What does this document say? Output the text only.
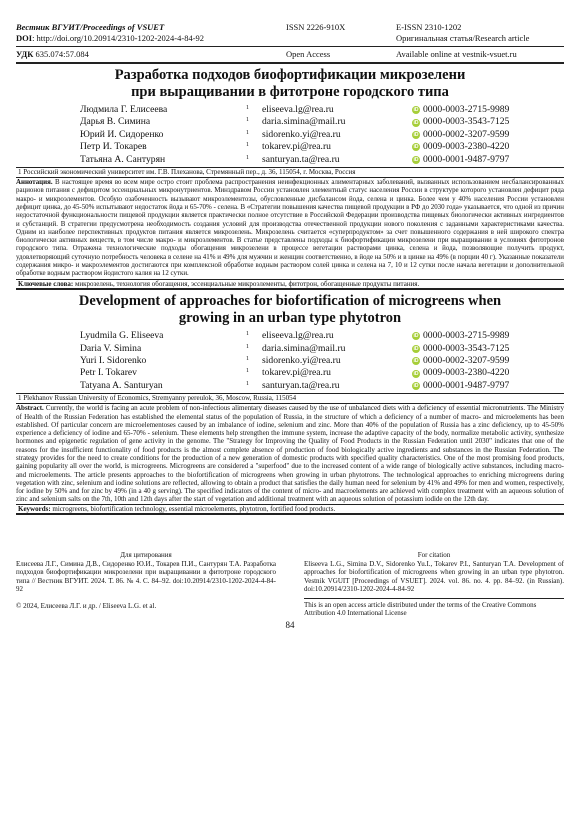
Вестник ВГУИТ/Proceedings of VSUET	ISSN 2226-910X	E-ISSN 2310-1202
DOI: http://doi.org/10.20914/2310-1202-2024-4-84-92	Оригинальная статья/Research article
УДК 635.074:57.084	Open Access	Available online at vestnik-vsuet.ru
Разработка подходов биофортификации микрозелени
при выращивании в фитотроне городского типа
Людмила Г. Елисеева	1	eliseeva.lg@rea.ru	iD 0000-0003-2715-9989
Дарья В. Симина	1	daria.simina@mail.ru	iD 0000-0003-3543-7125
Юрий И. Сидоренко	1	sidorenko.yi@rea.ru	iD 0000-0002-3207-9599
Петр И. Токарев	1	tokarev.pi@rea.ru	iD 0009-0003-2380-4220
Татьяна А. Сантурян	1	santuryan.ta@rea.ru	iD 0000-0001-9487-9797
1 Российский экономический университет им. Г.В. Плеханова, Стремянный пер., д. 36, 115054, г. Москва, Россия
Аннотация. В настоящее время во всем мире остро стоит проблема распространения неинфекционных алиментарных заболеваний, вызванных использованием несбалансированных рационов питания с дефицитом эссенциальных микронутриентов. Минздравом России установлен элементный статус населения России в структуре которого установлен дефицит ряда макро- и микроэлементов. Особую озабоченность вызывают микроэлементозы, обусловленные дисбалансом йода, селена и цинка. Более чем у 40% населения России установлен дефицит цинка, до 45-50% испытывают недостаток йода и 65-70% - селена. В «Стратегии повышения качества пищевой продукции в РФ до 2030 года» указывается, что одной из причин недостаточной функциональности пищевой продукции является практически полное отсутствие в Российской Федерации производства пищевых биологически активных ингредиентов и субстанций. В стратегии предусмотрена необходимость создания условий для производства отечественной продукции нового поколения с заданными характеристиками качества. Одним из наиболее перспективных продуктов питания является микрозелень. Микрозелень считается «суперпродуктом» за счет повышенного содержания в ней широкого спектра биологически активных веществ, в том числе макро- и микроэлементов. В статье представлены подходы к биофортификации микрозелени при выращивании в условиях фитотронов городского типа. Отражена технологические подходы обогащения микрозелени в процессе вегетации растворами цинка, селена и йода, позволяющие получить продукт, удовлетворяющий суточную потребность человека в селене на 41% и 49% для мужчин и женщин соответственно, в йоде на 50% и в цинке на 49% (в порции 40 г). Указанные показатели содержания микро- и макроэлементов достигаются при комплексной обработке водным раствором солей цинка и селена на 7, 10 и 12 сутки после начала вегетации и дополнительной обработке водным раствором йодистого калия на 12 сутки.
Ключевые слова: микрозелень, технология обогащения, эссенциальные микроэлементы, фитотрон, обогащенные продукты питания.
Development of approaches for biofortification of microgreens when
growing in an urban type phytotron
Lyudmila G. Eliseeva	1	eliseeva.lg@rea.ru	iD 0000-0003-2715-9989
Daria V. Simina	1	daria.simina@mail.ru	iD 0000-0003-3543-7125
Yuri I. Sidorenko	1	sidorenko.yi@rea.ru	iD 0000-0002-3207-9599
Petr I. Tokarev	1	tokarev.pi@rea.ru	iD 0009-0003-2380-4220
Tatyana A. Santuryan	1	santuryan.ta@rea.ru	iD 0000-0001-9487-9797
1 Plekhanov Russian University of Economics, Stremyanny pereulok, 36, Moscow, Russia, 115054
Abstract. Currently, the world is facing an acute problem of non-infectious alimentary diseases caused by the use of unbalanced diets with a deficiency of essential micronutrients. The Ministry of Health of the Russian Federation has established the elemental status of the population of Russia, in the structure of which a deficiency of a number of macro- and microelements has been established. Of particular concern are microelementoses caused by an imbalance of iodine, selenium and zinc. More than 40% of the population of Russia has a zinc deficiency, up to 45-50% experience a deficiency of iodine and 65-70% - selenium. These elements help strengthen the immune system, increase the adaptive capacity of the body, normalize metabolic activity, synthesize hormones and epigenetic regulation of gene activity in the genome. The "Strategy for Improving the Quality of Food Products in the Russian Federation until 2030" indicates that one of the reasons for the insufficient functionality of food products is the almost complete absence of production of food biologically active ingredients and substances in the Russian Federation. The strategy provides for the need to create conditions for the production of a new generation of domestic products with specified quality characteristics. One of the most promising food products, gaining popularity all over the world, is microgreens. Microgreens are considered a "superfood" due to the increased content of a wide range of biologically active substances, including macro- and microelements. The article presents approaches to the biofortification of microgreens when growing in urban phytotrons. The technological approaches to enriching microgreens during vegetation with zinc, selenium and iodine solutions are reflected, allowing to obtain a product that satisfies the daily human need for selenium by 41% and 49% for men and women, respectively, for iodine by 50% and for zinc by 49% (in a 40 g serving). The specified indicators of the content of micro- and macroelements are achieved with complex treatment with an aqueous solution of zinc and selenium salts on the 7th, 10th and 12th days after the start of vegetation and additional treatment with an aqueous solution of potassium iodide on the 12th day.
Keywords: microgreens, biofortification technology, essential microelements, phytotron, fortified food products.
Для цитирования
Елисеева Л.Г., Симина Д.В., Сидоренко Ю.И., Токарев П.И., Сантурян Т.А. Разработка подходов биофортификации микрозелени при выращивании в фитотроне городского типа // Вестник ВГУИТ. 2024. Т. 86. № 4. С. 84–92. doi:10.20914/2310-1202-2024-4-84-92
For citation
Eliseeva L.G., Simina D.V., Sidorenko Yu.I., Tokarev P.I., Santuryan T.A. Development of approaches for biofortification of microgreens when growing in an urban type phytotron. Vestnik VGUIT [Proceedings of VSUET]. 2024. vol. 86. no. 4. pp. 84–92. (in Russian). doi:10.20914/2310-1202-2024-4-84-92
© 2024, Елисеева Л.Г. и др. / Eliseeva L.G. et al.	This is an open access article distributed under the terms of the Creative Commons Attribution 4.0 International License
84
